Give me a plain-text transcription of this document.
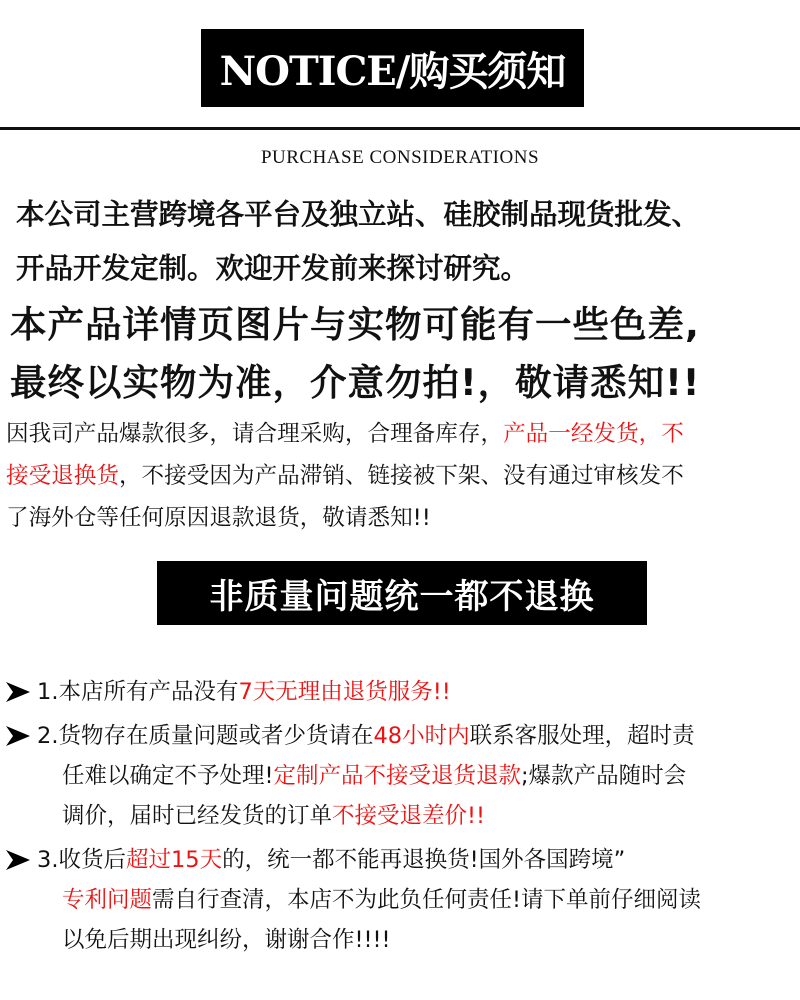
NOTICE/购买须知
PURCHASE CONSIDERATIONS
本公司主营跨境各平台及独立站、硅胶制品现货批发、
开品开发定制。欢迎开发前来探讨研究。
本产品详情页图片与实物可能有一些色差,
最终以实物为准，介意勿拍!，敬请悉知!!
因我司产品爆款很多，请合理采购，合理备库存，产品一经发货，不
接受退换货，不接受因为产品滞销、链接被下架、没有通过审核发不
了海外仓等任何原因退款退货，敬请悉知!!
非质量问题统一都不退换
1.本店所有产品没有7天无理由退货服务!!
2.货物存在质量问题或者少货请在48小时内联系客服处理，超时责
任难以确定不予处理!定制产品不接受退货退款;爆款产品随时会
调价，届时已经发货的订单不接受退差价!!
3.收货后超过15天的，统一都不能再退换货!国外各国跨境”
专利问题需自行查清，本店不为此负任何责任!请下单前仔细阅读
以免后期出现纠纷，谢谢合作!!!!
